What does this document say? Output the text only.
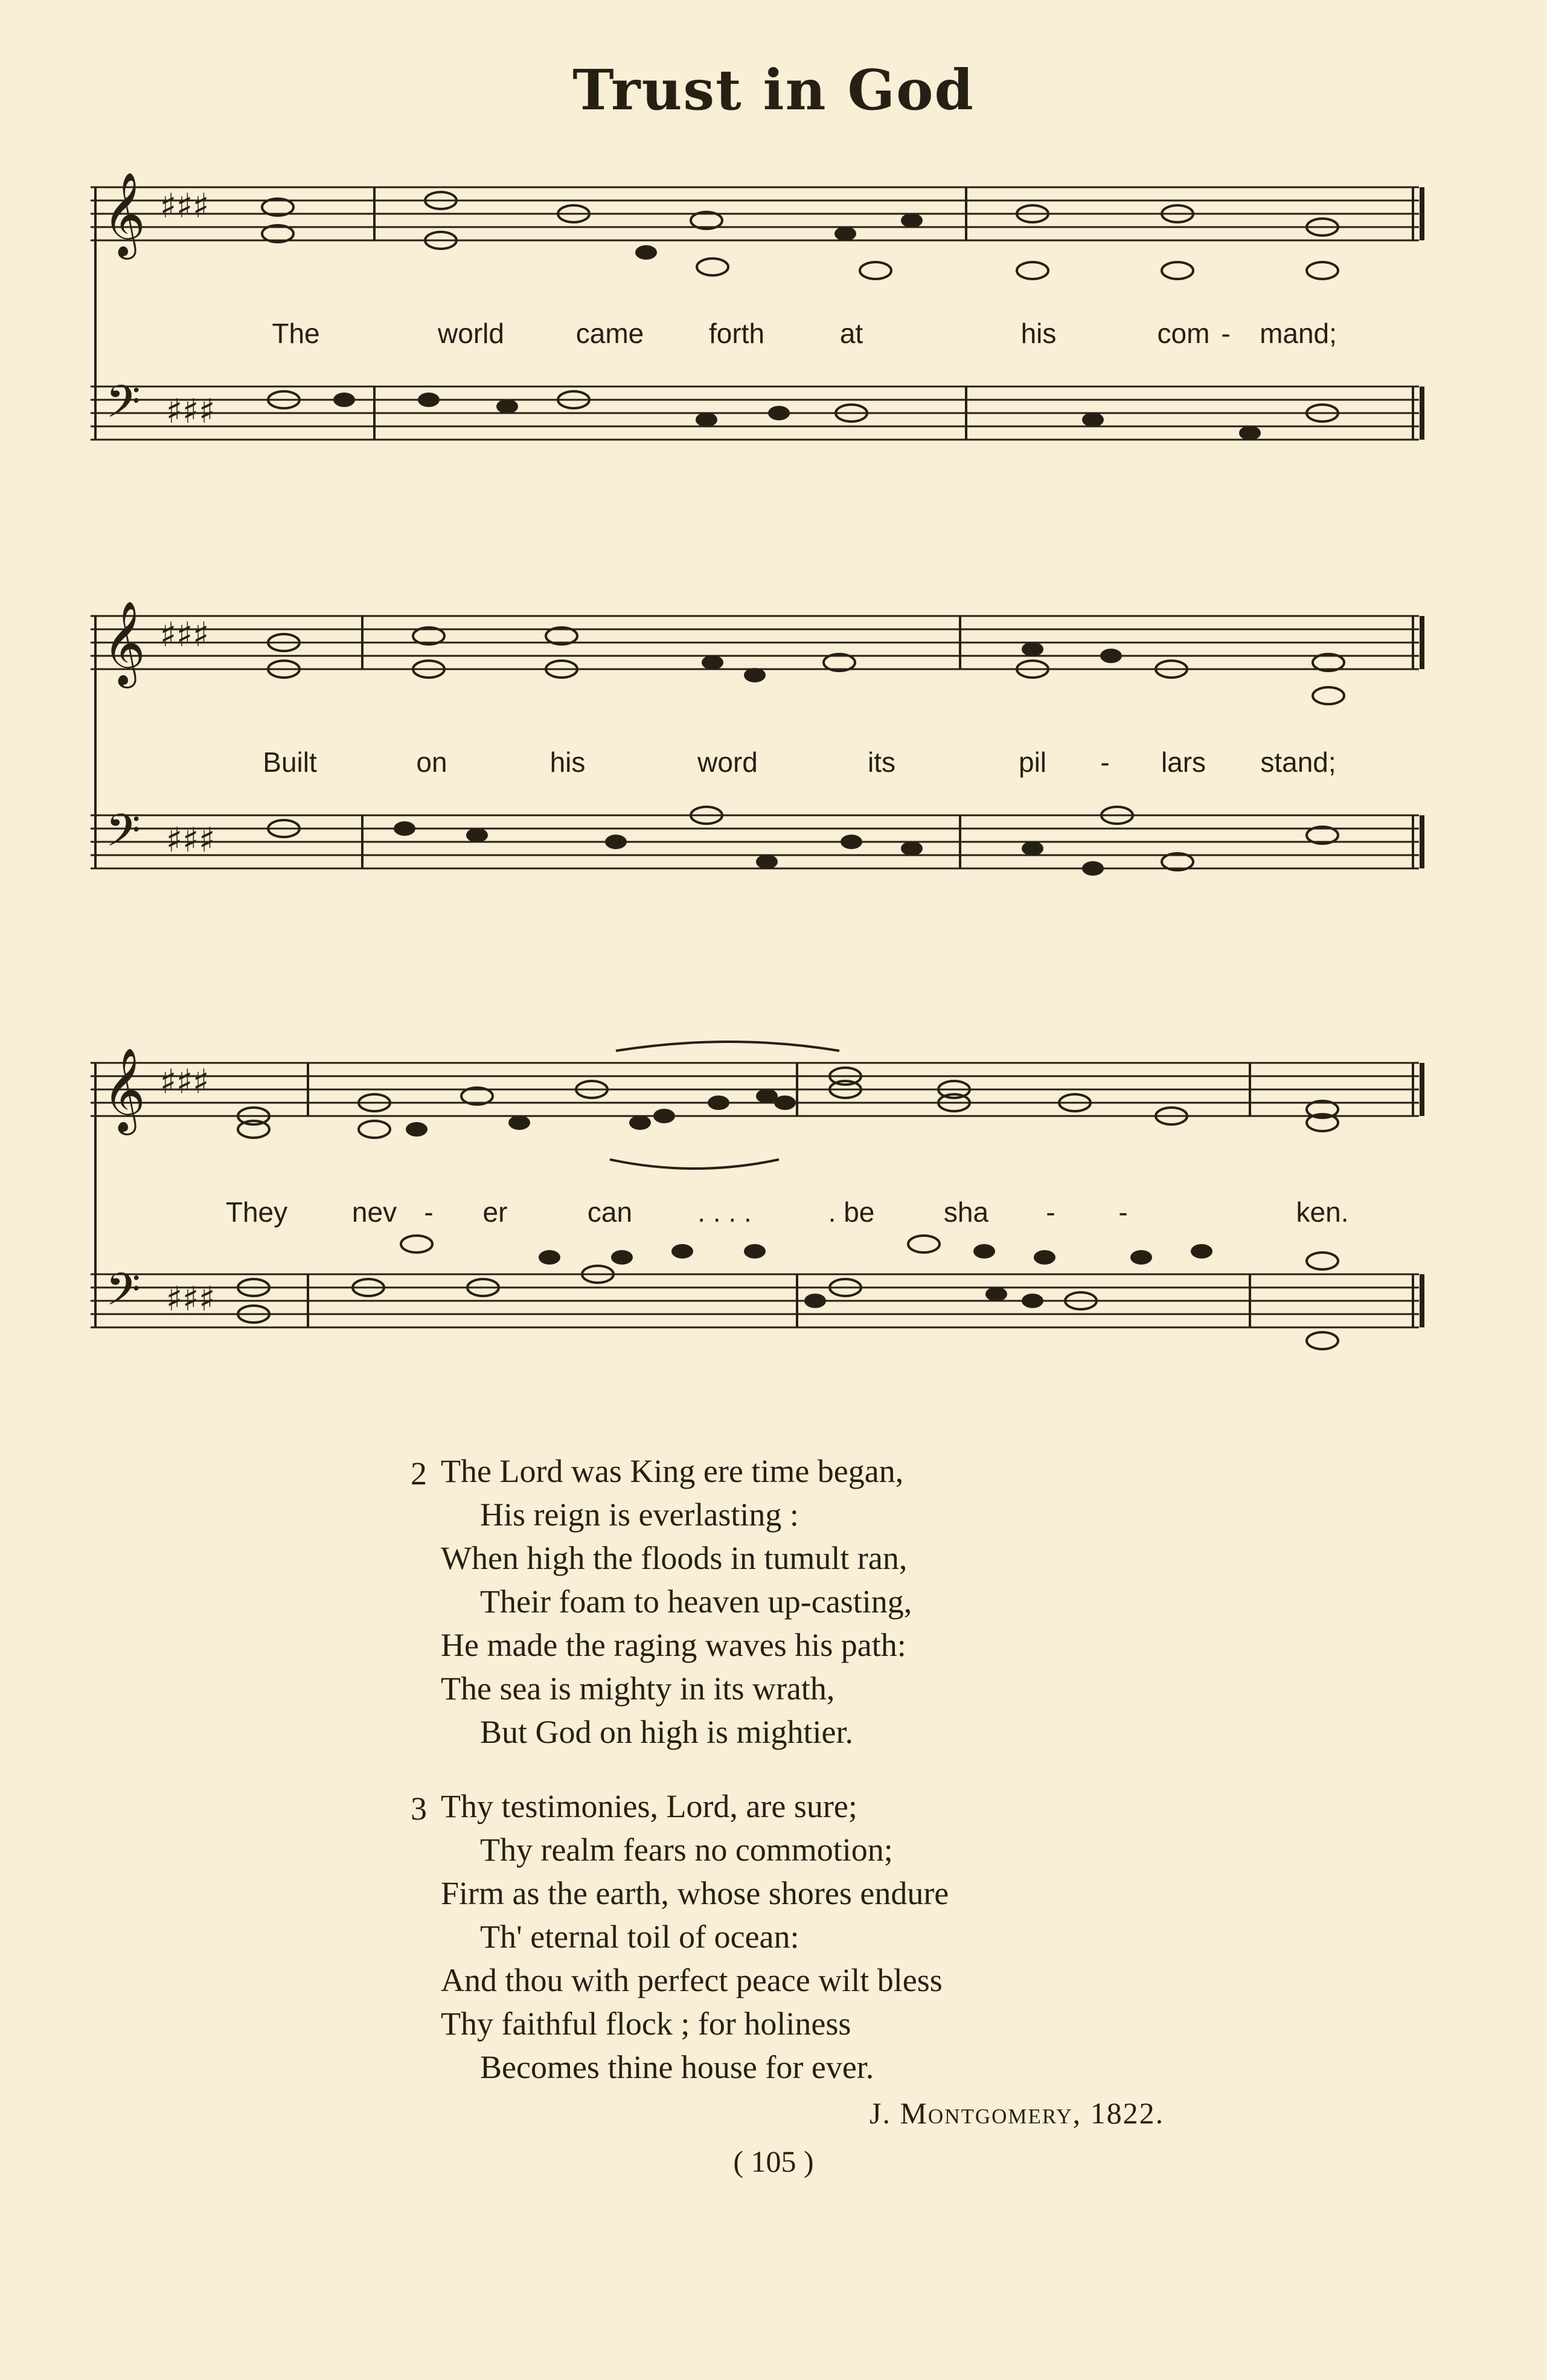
Trust in God
𝄞
𝄢
♯♯♯
♯♯♯
The	world	came forth	at	his	com - mand;
𝄞
𝄢
♯♯♯
♯♯♯
Built	on	his	word	its	pil - lars stand;
𝄞
𝄢
♯♯♯
♯♯♯
They nev - er	can . . . .	. be sha - -	ken.
2 The Lord was King ere time began,
His reign is everlasting :
When high the floods in tumult ran,
Their foam to heaven up-casting,
He made the raging waves his path:
The sea is mighty in its wrath,
But God on high is mightier.
3 Thy testimonies, Lord, are sure;
Thy realm fears no commotion;
Firm as the earth, whose shores endure
Th' eternal toil of ocean:
And thou with perfect peace wilt bless
Thy faithful flock ; for holiness
Becomes thine house for ever.
J. Montgomery, 1822.
( 105 )
